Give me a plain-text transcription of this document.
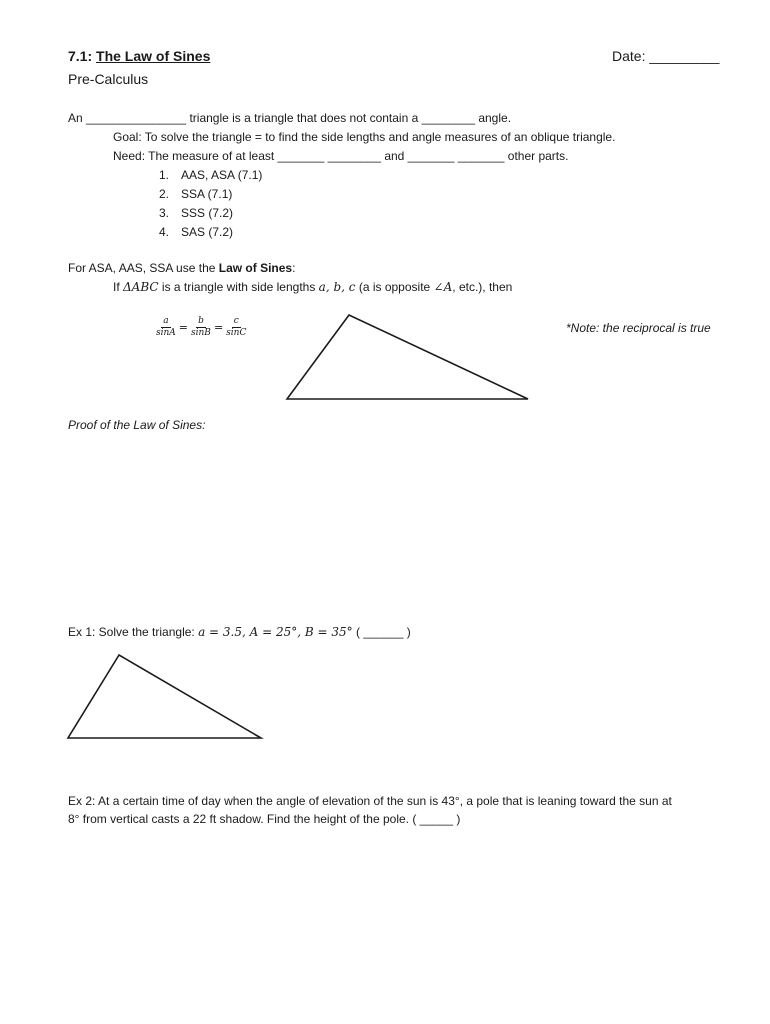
7.1: The Law of Sines	Date: _________
Pre-Calculus
An _______________ triangle is a triangle that does not contain a ________ angle.
Goal: To solve the triangle = to find the side lengths and angle measures of an oblique triangle.
Need: The measure of at least _______ ________ and _______ _______ other parts.
1. AAS, ASA (7.1)
2. SSA (7.1)
3. SSS (7.2)
4. SAS (7.2)
For ASA, AAS, SSA use the Law of Sines:
If ΔABC is a triangle with side lengths a, b, c (a is opposite ∠A, etc.), then
$\frac{a}{\sin A} = \frac{b}{\sin B} = \frac{c}{\sin C}$	*Note: the reciprocal is true
Proof of the Law of Sines:
Ex 1: Solve the triangle: a = 3.5, A = 25°, B = 35° ( ______ )
Ex 2: At a certain time of day when the angle of elevation of the sun is 43°, a pole that is leaning toward the sun at
8° from vertical casts a 22 ft shadow. Find the height of the pole. ( _____ )
